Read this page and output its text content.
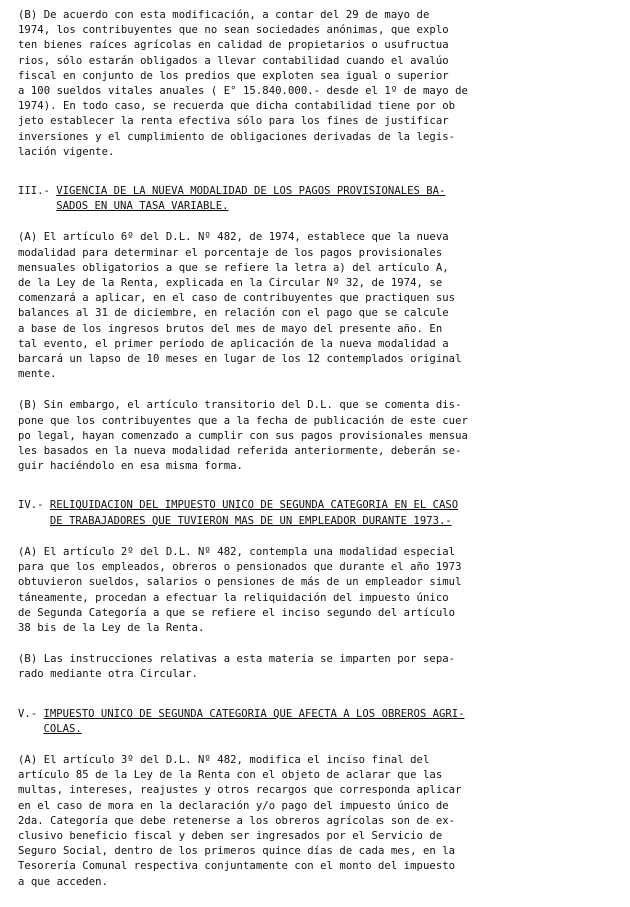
(B) De acuerdo con esta modificación, a contar del 29 de mayo de
1974, los contribuyentes que no sean sociedades anónimas, que explo
ten bienes raíces agrícolas en calidad de propietarios o usufructua
rios, sólo estarán obligados a llevar contabilidad cuando el avalúo
fiscal en conjunto de los predios que exploten sea igual o superior
a 100 sueldos vitales anuales ( E° 15.840.000.- desde el 1º de mayo de
1974). En todo caso, se recuerda que dicha contabilidad tiene por ob
jeto establecer la renta efectiva sólo para los fines de justificar
inversiones y el cumplimiento de obligaciones derivadas de la legis-
lación vigente.

III.- VIGENCIA DE LA NUEVA MODALIDAD DE LOS PAGOS PROVISIONALES BA-
SADOS EN UNA TASA VARIABLE.

(A) El artículo 6º del D.L. Nº 482, de 1974, establece que la nueva
modalidad para determinar el porcentaje de los pagos provisionales
mensuales obligatorios a que se refiere la letra a) del artículo A,
de la Ley de la Renta, explicada en la Circular Nº 32, de 1974, se
comenzará a aplicar, en el caso de contribuyentes que practiquen sus
balances al 31 de diciembre, en relación con el pago que se calcule
a base de los ingresos brutos del mes de mayo del presente año. En
tal evento, el primer período de aplicación de la nueva modalidad a
barcará un lapso de 10 meses en lugar de los 12 contemplados original
mente.

(B) Sin embargo, el artículo transitorio del D.L. que se comenta dis-
pone que los contribuyentes que a la fecha de publicación de este cuer
po legal, hayan comenzado a cumplir con sus pagos provisionales mensua
les basados en la nueva modalidad referida anteriormente, deberán se-
guir haciéndolo en esa misma forma.

IV.- RELIQUIDACION DEL IMPUESTO UNICO DE SEGUNDA CATEGORIA EN EL CASO
DE TRABAJADORES QUE TUVIERON MAS DE UN EMPLEADOR DURANTE 1973.-

(A) El artículo 2º del D.L. Nº 482, contempla una modalidad especial
para que los empleados, obreros o pensionados que durante el año 1973
obtuvieron sueldos, salarios o pensiones de más de un empleador simul
táneamente, procedan a efectuar la reliquidación del impuesto único
de Segunda Categoría a que se refiere el inciso segundo del artículo
38 bis de la Ley de la Renta.

(B) Las instrucciones relativas a esta materia se imparten por sepa-
rado mediante otra Circular.

V.- IMPUESTO UNICO DE SEGUNDA CATEGORIA QUE AFECTA A LOS OBREROS AGRI-
COLAS.

(A) El artículo 3º del D.L. Nº 482, modifica el inciso final del
artículo 85 de la Ley de la Renta con el objeto de aclarar que las
multas, intereses, reajustes y otros recargos que corresponda aplicar
en el caso de mora en la declaración y/o pago del impuesto único de
2da. Categoría que debe retenerse a los obreros agrícolas son de ex-
clusivo beneficio fiscal y deben ser ingresados por el Servicio de
Seguro Social, dentro de los primeros quince días de cada mes, en la
Tesorería Comunal respectiva conjuntamente con el monto del impuesto
a que acceden.
